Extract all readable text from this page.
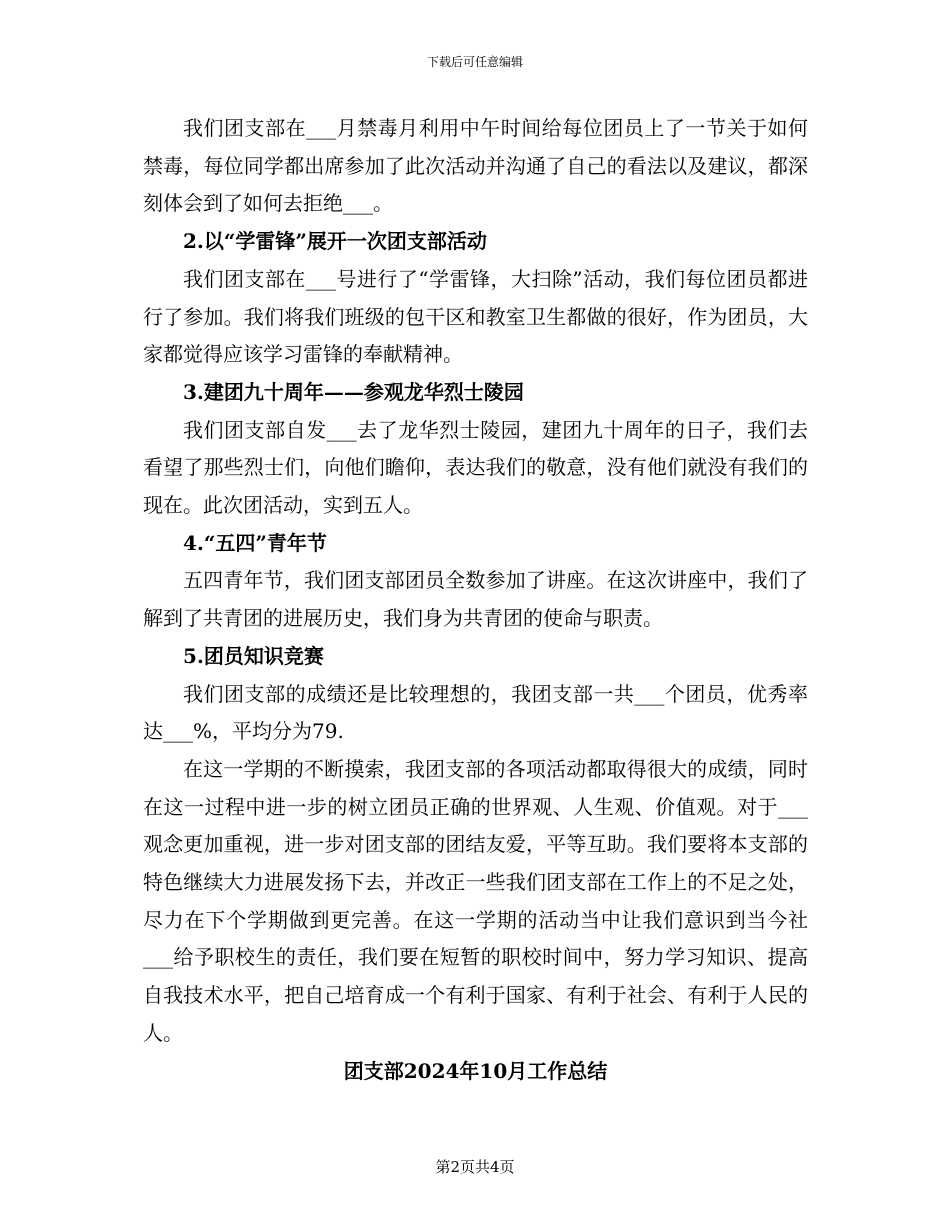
下载后可任意编辑

我们团支部在___月禁毒月利用中午时间给每位团员上了一节关于如何禁毒，每位同学都出席参加了此次活动并沟通了自己的看法以及建议，都深刻体会到了如何去拒绝___。

2.以“学雷锋”展开一次团支部活动

我们团支部在___号进行了“学雷锋，大扫除”活动，我们每位团员都进行了参加。我们将我们班级的包干区和教室卫生都做的很好，作为团员，大家都觉得应该学习雷锋的奉献精神。

3.建团九十周年——参观龙华烈士陵园

我们团支部自发___去了龙华烈士陵园，建团九十周年的日子，我们去看望了那些烈士们，向他们瞻仰，表达我们的敬意，没有他们就没有我们的现在。此次团活动，实到五人。

4.“五四”青年节

五四青年节，我们团支部团员全数参加了讲座。在这次讲座中，我们了解到了共青团的进展历史，我们身为共青团的使命与职责。

5.团员知识竞赛

我们团支部的成绩还是比较理想的，我团支部一共___个团员，优秀率达___%，平均分为79.

在这一学期的不断摸索，我团支部的各项活动都取得很大的成绩，同时在这一过程中进一步的树立团员正确的世界观、人生观、价值观。对于___观念更加重视，进一步对团支部的团结友爱，平等互助。我们要将本支部的特色继续大力进展发扬下去，并改正一些我们团支部在工作上的不足之处，尽力在下个学期做到更完善。在这一学期的活动当中让我们意识到当今社___给予职校生的责任，我们要在短暂的职校时间中，努力学习知识、提高自我技术水平，把自己培育成一个有利于国家、有利于社会、有利于人民的人。

团支部2024年10月工作总结
第2页共4页
